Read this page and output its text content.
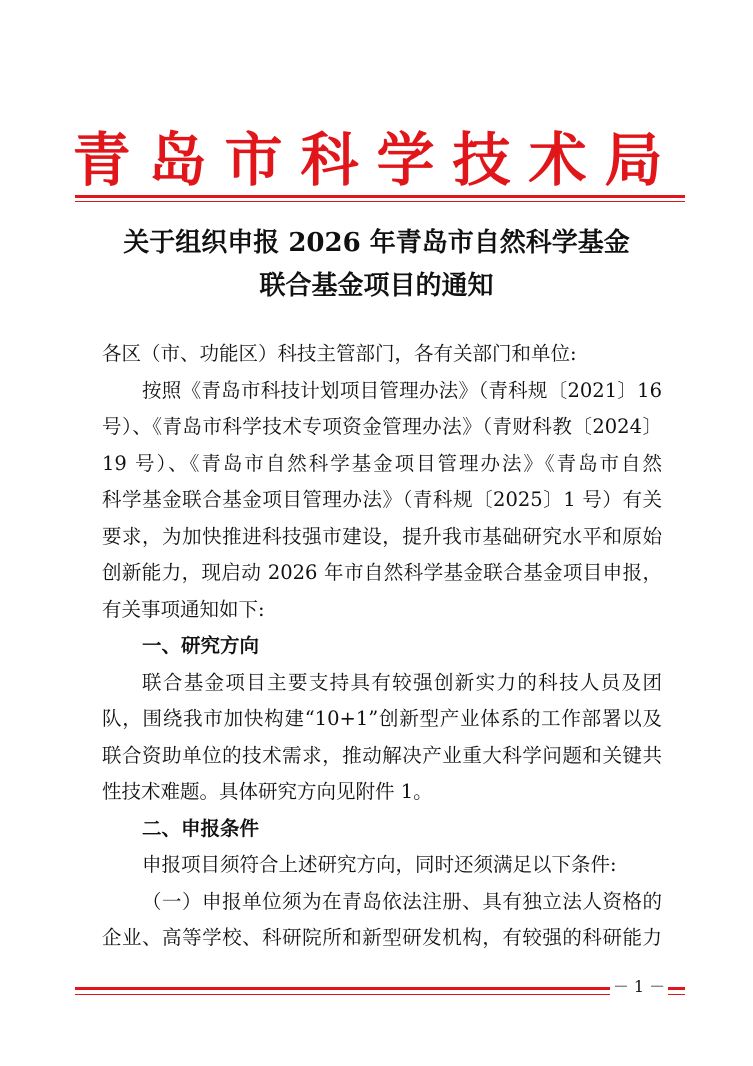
青岛市科学技术局
关于组织申报 2026 年青岛市自然科学基金
联合基金项目的通知
各区（市、功能区）科技主管部门，各有关部门和单位:
按照《青岛市科技计划项目管理办法》（青科规〔2021〕16
号）、《青岛市科学技术专项资金管理办法》（青财科教〔2024〕
19 号）、《青岛市自然科学基金项目管理办法》《青岛市自然
科学基金联合基金项目管理办法》（青科规〔2025〕1 号）有关
要求，为加快推进科技强市建设，提升我市基础研究水平和原始
创新能力，现启动 2026 年市自然科学基金联合基金项目申报，
有关事项通知如下:
一、研究方向
联合基金项目主要支持具有较强创新实力的科技人员及团
队，围绕我市加快构建“10+1”创新型产业体系的工作部署以及
联合资助单位的技术需求，推动解决产业重大科学问题和关键共
性技术难题。具体研究方向见附件 1。
二、申报条件
申报项目须符合上述研究方向，同时还须满足以下条件:
（一）申报单位须为在青岛依法注册、具有独立法人资格的
企业、高等学校、科研院所和新型研发机构，有较强的科研能力
－ 1 －
